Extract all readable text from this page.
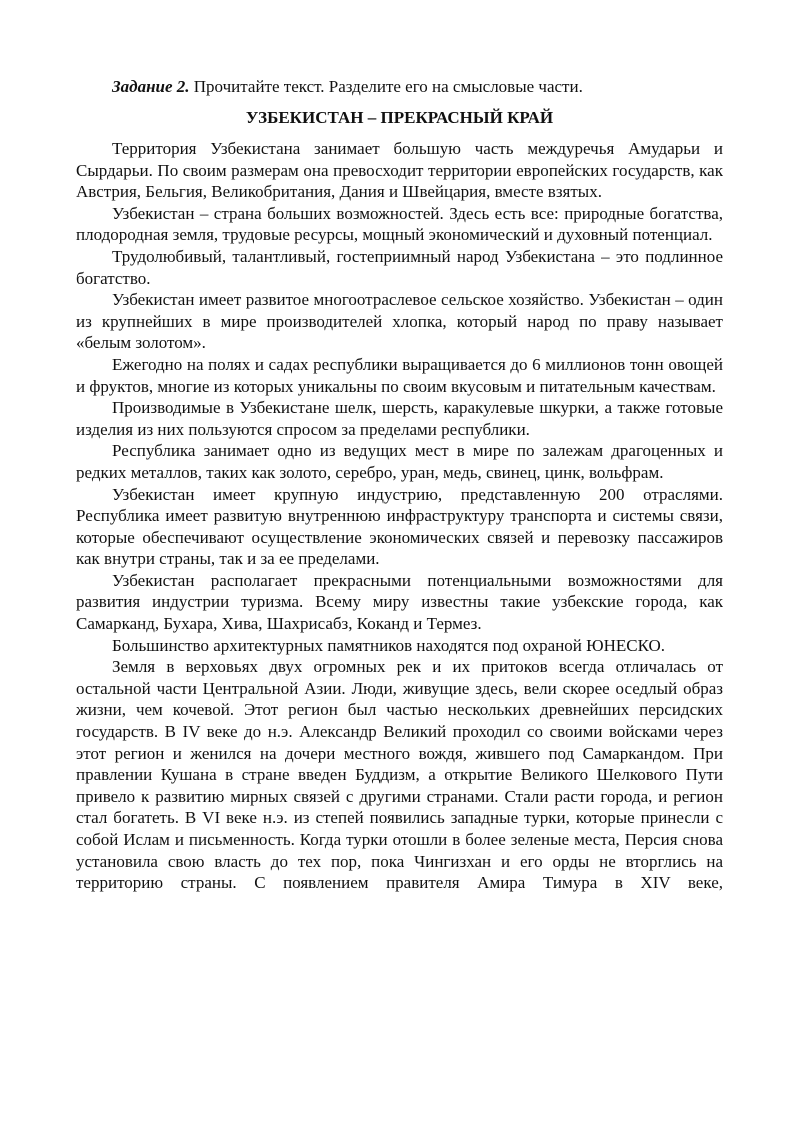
Задание 2. Прочитайте текст. Разделите его на смысловые части.

УЗБЕКИСТАН – ПРЕКРАСНЫЙ КРАЙ

Территория Узбекистана занимает большую часть междуречья Амударьи и Сырдарьи. По своим размерам она превосходит территории европейских государств, как Австрия, Бельгия, Великобритания, Дания и Швейцария, вместе взятых.

Узбекистан – страна больших возможностей. Здесь есть все: природные богатства, плодородная земля, трудовые ресурсы, мощный экономический и духовный потенциал.

Трудолюбивый, талантливый, гостеприимный народ Узбекистана – это подлинное богатство.

Узбекистан имеет развитое многоотраслевое сельское хозяйство. Узбекистан – один из крупнейших в мире производителей хлопка, который народ по праву называет «белым золотом».

Ежегодно на полях и садах республики выращивается до 6 миллионов тонн овощей и фруктов, многие из которых уникальны по своим вкусовым и питательным качествам.

Производимые в Узбекистане шелк, шерсть, каракулевые шкурки, а также готовые изделия из них пользуются спросом за пределами республики.

Республика занимает одно из ведущих мест в мире по залежам драгоценных и редких металлов, таких как золото, серебро, уран, медь, свинец, цинк, вольфрам.

Узбекистан имеет крупную индустрию, представленную 200 отраслями. Республика имеет развитую внутреннюю инфраструктуру транспорта и системы связи, которые обеспечивают осуществление экономических связей и перевозку пассажиров как внутри страны, так и за ее пределами.

Узбекистан располагает прекрасными потенциальными возможностями для развития индустрии туризма. Всему миру известны такие узбекские города, как Самарканд, Бухара, Хива, Шахрисабз, Коканд и Термез.

Большинство архитектурных памятников находятся под охраной ЮНЕСКО.

Земля в верховьях двух огромных рек и их притоков всегда отличалась от остальной части Центральной Азии. Люди, живущие здесь, вели скорее оседлый образ жизни, чем кочевой. Этот регион был частью нескольких древнейших персидских государств. В IV веке до н.э. Александр Великий проходил со своими войсками через этот регион и женился на дочери местного вождя, жившего под Самаркандом. При правлении Кушана в стране введен Буддизм, а открытие Великого Шелкового Пути привело к развитию мирных связей с другими странами. Стали расти города, и регион стал богатеть. В VI веке н.э. из степей появились западные турки, которые принесли с собой Ислам и письменность. Когда турки отошли в более зеленые места, Персия снова установила свою власть до тех пор, пока Чингизхан и его орды не вторглись на территорию страны. С появлением правителя Амира Тимура в XIV веке,
